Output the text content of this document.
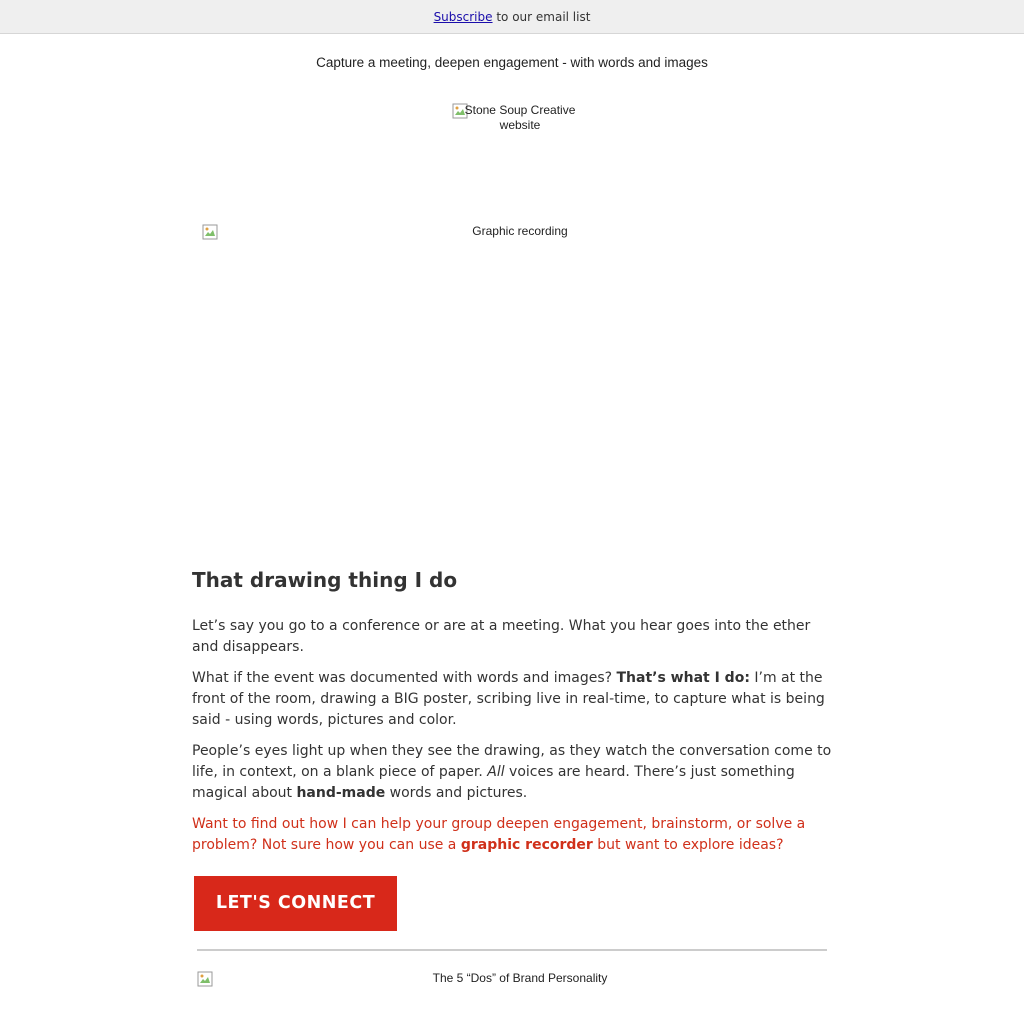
Subscribe to our email list
Capture a meeting, deepen engagement - with words and images
Stone Soup Creative website
Graphic recording
That drawing thing I do

Let’s say you go to a conference or are at a meeting. What you hear goes into the ether and disappears.

What if the event was documented with words and images? That’s what I do: I’m at the front of the room, drawing a BIG poster, scribing live in real-time, to capture what is being said - using words, pictures and color.

People’s eyes light up when they see the drawing, as they watch the conversation come to life, in context, on a blank piece of paper. All voices are heard. There’s just something magical about hand-made words and pictures.

Want to find out how I can help your group deepen engagement, brainstorm, or solve a problem? Not sure how you can use a graphic recorder but want to explore ideas?

LET'S CONNECT
The 5 “Dos” of Brand Personality
